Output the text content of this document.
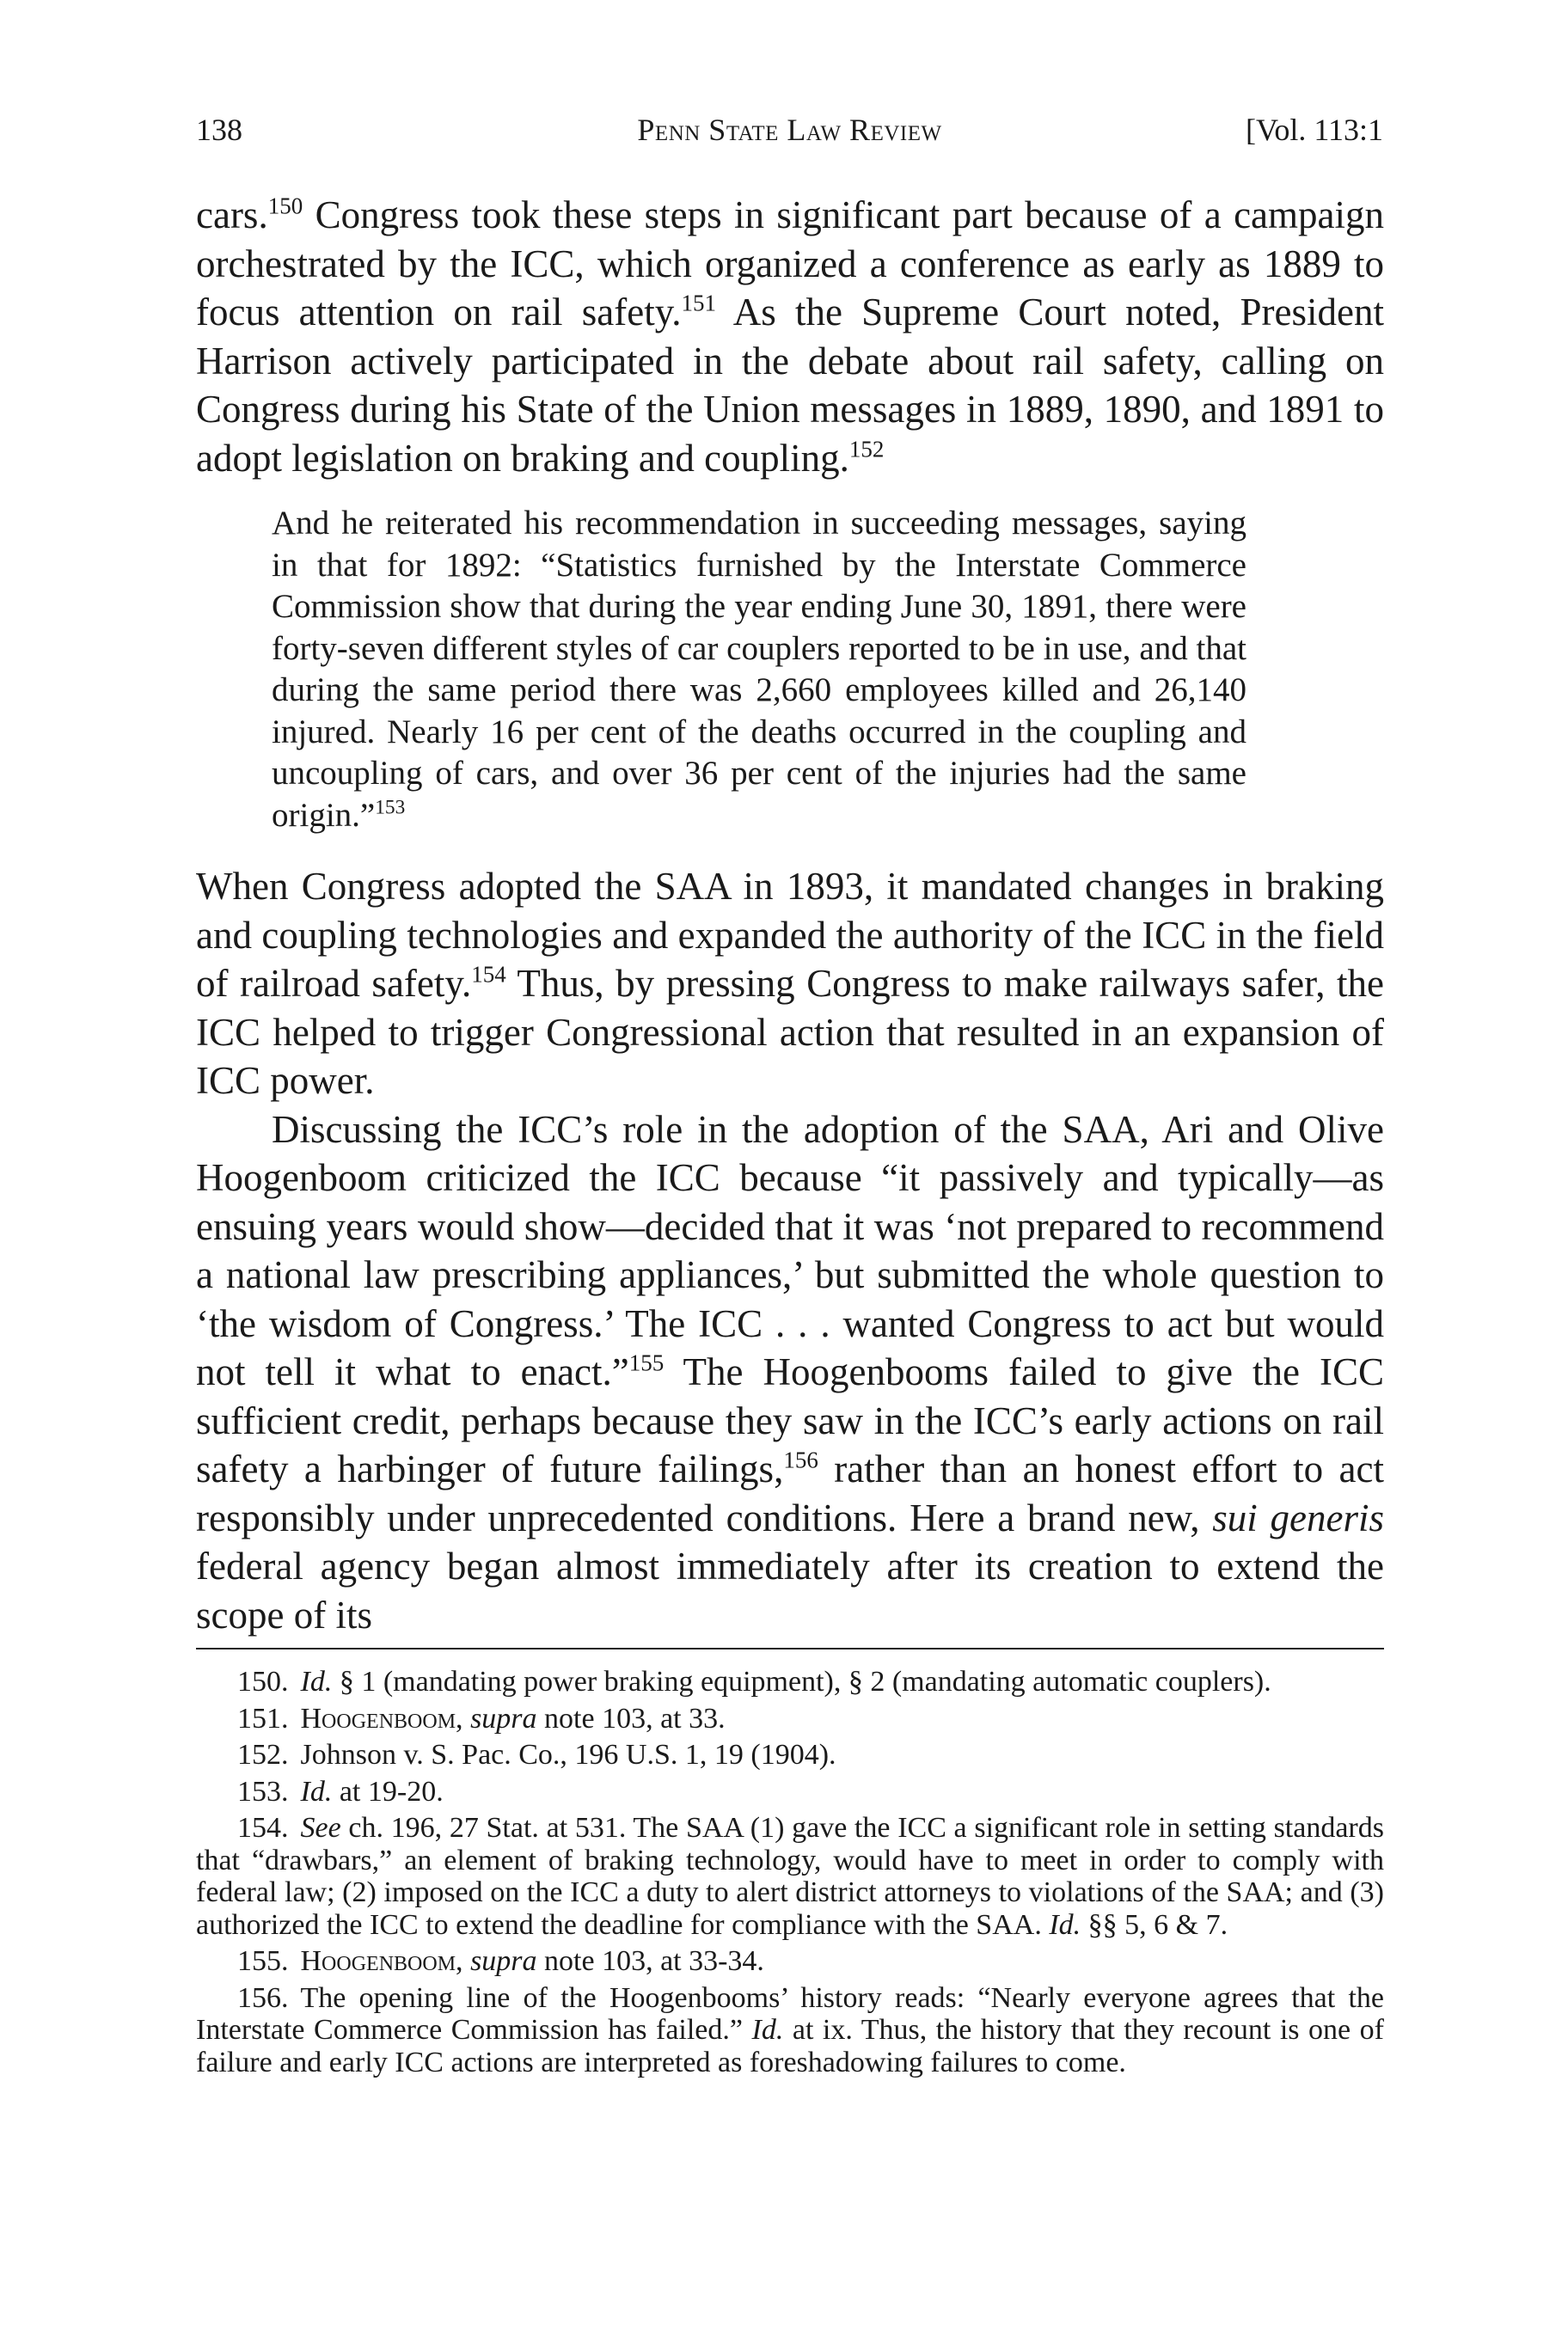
138	Penn State Law Review	[Vol. 113:1

cars.$^{150}$ Congress took these steps in significant part because of a campaign orchestrated by the ICC, which organized a conference as early as 1889 to focus attention on rail safety.$^{151}$ As the Supreme Court noted, President Harrison actively participated in the debate about rail safety, calling on Congress during his State of the Union messages in 1889, 1890, and 1891 to adopt legislation on braking and coupling.$^{152}$

And he reiterated his recommendation in succeeding messages, saying in that for 1892: “Statistics furnished by the Interstate Commerce Commission show that during the year ending June 30, 1891, there were forty-seven different styles of car couplers reported to be in use, and that during the same period there was 2,660 employees killed and 26,140 injured. Nearly 16 per cent of the deaths occurred in the coupling and uncoupling of cars, and over 36 per cent of the injuries had the same origin.”$^{153}$

When Congress adopted the SAA in 1893, it mandated changes in braking and coupling technologies and expanded the authority of the ICC in the field of railroad safety.$^{154}$ Thus, by pressing Congress to make railways safer, the ICC helped to trigger Congressional action that resulted in an expansion of ICC power.

Discussing the ICC’s role in the adoption of the SAA, Ari and Olive Hoogenboom criticized the ICC because “it passively and typically—as ensuing years would show—decided that it was ‘not prepared to recommend a national law prescribing appliances,’ but submitted the whole question to ‘the wisdom of Congress.’ The ICC . . . wanted Congress to act but would not tell it what to enact.”$^{155}$ The Hoogenbooms failed to give the ICC sufficient credit, perhaps because they saw in the ICC’s early actions on rail safety a harbinger of future failings,$^{156}$ rather than an honest effort to act responsibly under unprecedented conditions. Here a brand new, sui generis federal agency began almost immediately after its creation to extend the scope of its

150. Id. § 1 (mandating power braking equipment), § 2 (mandating automatic couplers).
151. Hoogenboom, supra note 103, at 33.
152. Johnson v. S. Pac. Co., 196 U.S. 1, 19 (1904).
153. Id. at 19-20.
154. See ch. 196, 27 Stat. at 531. The SAA (1) gave the ICC a significant role in setting standards that “drawbars,” an element of braking technology, would have to meet in order to comply with federal law; (2) imposed on the ICC a duty to alert district attorneys to violations of the SAA; and (3) authorized the ICC to extend the deadline for compliance with the SAA. Id. §§ 5, 6 & 7.
155. Hoogenboom, supra note 103, at 33-34.
156. The opening line of the Hoogenbooms’ history reads: “Nearly everyone agrees that the Interstate Commerce Commission has failed.” Id. at ix. Thus, the history that they recount is one of failure and early ICC actions are interpreted as foreshadowing failures to come.
